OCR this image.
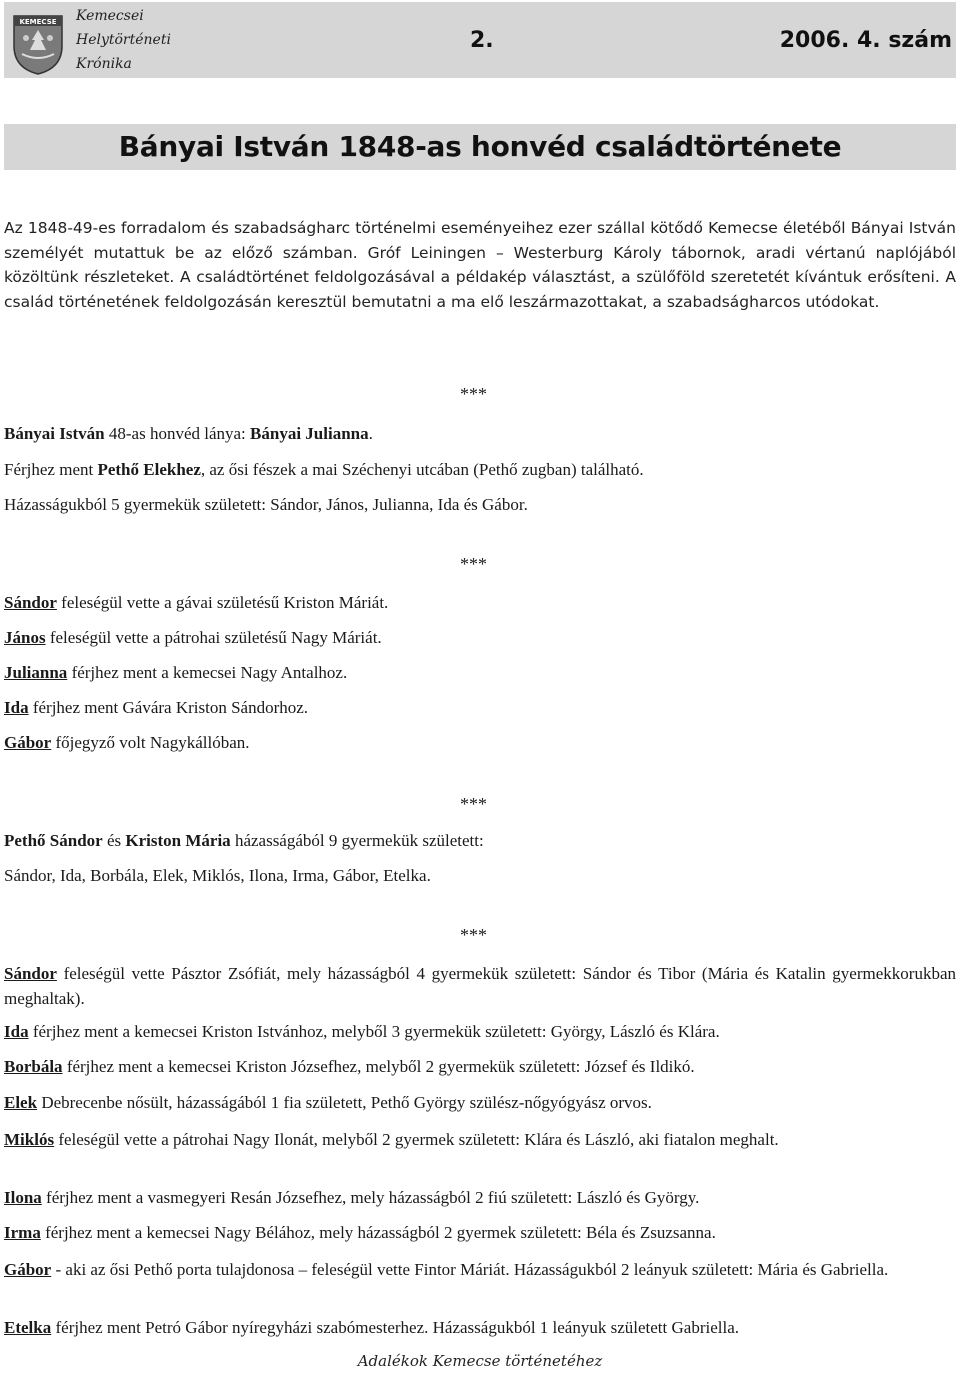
KEMECSE Kemecsei
Helytörténeti
Krónika
2.	2006. 4. szám
Bányai István 1848-as honvéd családtörténete

Az 1848-49-es forradalom és szabadságharc történelmi eseményeihez ezer szállal kötődő Kemecse életéből Bányai István személyét mutattuk be az előző számban. Gróf Leiningen – Westerburg Károly tábornok, aradi vértanú naplójából közöltünk részleteket. A családtörténet feldolgozásával a példakép választást, a szülőföld szeretetét kívántuk erősíteni. A család történetének feldolgozásán keresztül bemutatni a ma elő leszármazottakat, a szabadságharcos utódokat.

***

Bányai István 48-as honvéd lánya: Bányai Julianna.

Férjhez ment Pethő Elekhez, az ősi fészek a mai Széchenyi utcában (Pethő zugban) található.

Házasságukból 5 gyermekük született: Sándor, János, Julianna, Ida és Gábor.

***

Sándor feleségül vette a gávai születésű Kriston Máriát.

János feleségül vette a pátrohai születésű Nagy Máriát.

Julianna férjhez ment a kemecsei Nagy Antalhoz.

Ida férjhez ment Gávára Kriston Sándorhoz.

Gábor főjegyző volt Nagykállóban.

***

Pethő Sándor és Kriston Mária házasságából 9 gyermekük született:

Sándor, Ida, Borbála, Elek, Miklós, Ilona, Irma, Gábor, Etelka.

***

Sándor feleségül vette Pásztor Zsófiát, mely házasságból 4 gyermekük született: Sándor és Tibor (Mária és Katalin gyermekkorukban meghaltak).

Ida férjhez ment a kemecsei Kriston Istvánhoz, melyből 3 gyermekük született: György, László és Klára.

Borbála férjhez ment a kemecsei Kriston Józsefhez, melyből 2 gyermekük született: József és Ildikó.

Elek Debrecenbe nősült, házasságából 1 fia született, Pethő György szülész-nőgyógyász orvos.

Miklós feleségül vette a pátrohai Nagy Ilonát, melyből 2 gyermek született: Klára és László, aki fiatalon meghalt.

Ilona férjhez ment a vasmegyeri Resán Józsefhez, mely házasságból 2 fiú született: László és György.

Irma férjhez ment a kemecsei Nagy Bélához, mely házasságból 2 gyermek született: Béla és Zsuzsanna.

Gábor - aki az ősi Pethő porta tulajdonosa – feleségül vette Fintor Máriát. Házasságukból 2 leányuk született: Mária és Gabriella.

Etelka férjhez ment Petró Gábor nyíregyházi szabómesterhez. Házasságukból 1 leányuk született Gabriella.

Adalékok Kemecse történetéhez
